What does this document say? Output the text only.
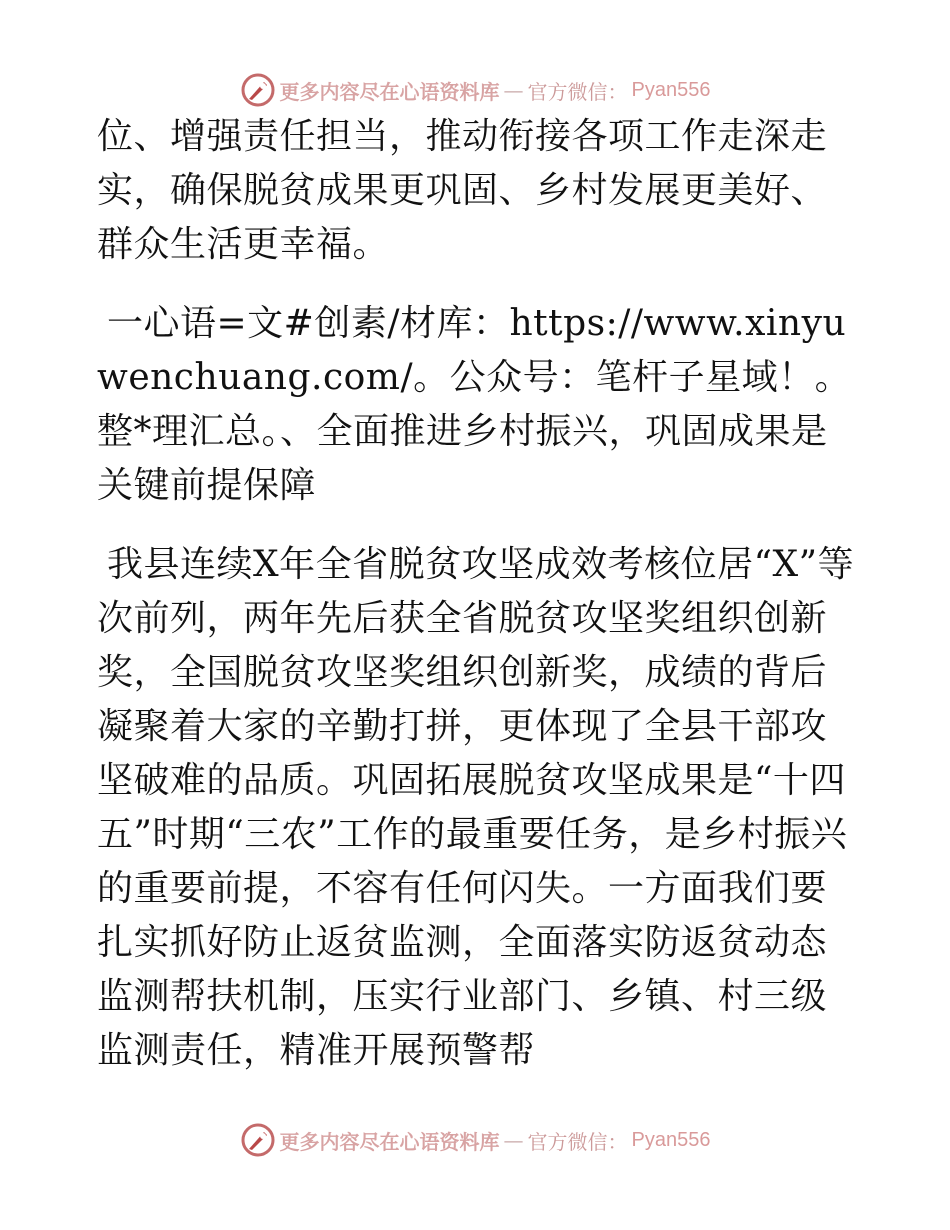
更多内容尽在心语资料库 — 官方微信： Pyan556

位、增强责任担当，推动衔接各项工作走深走实，确保脱贫成果更巩固、乡村发展更美好、群众生活更幸福。

一心语=文#创素/材库：https://www.xinyuwenchuang.com/。公众号：笔杆子星域！。整*理汇总。、全面推进乡村振兴，巩固成果是关键前提保障

我县连续X年全省脱贫攻坚成效考核位居“X”等次前列，两年先后获全省脱贫攻坚奖组织创新奖，全国脱贫攻坚奖组织创新奖，成绩的背后凝聚着大家的辛勤打拼，更体现了全县干部攻坚破难的品质。巩固拓展脱贫攻坚成果是“十四五”时期“三农”工作的最重要任务，是乡村振兴的重要前提，不容有任何闪失。一方面我们要扎实抓好防止返贫监测，全面落实防返贫动态监测帮扶机制，压实行业部门、乡镇、村三级监测责任，精准开展预警帮

更多内容尽在心语资料库 — 官方微信： Pyan556
